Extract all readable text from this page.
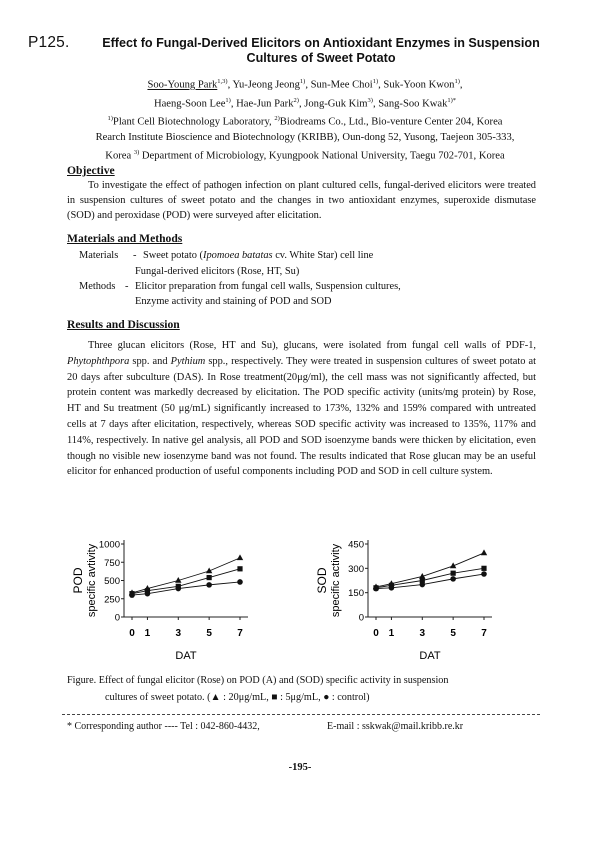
P125.	Effect fo Fungal-Derived Elicitors on Antioxidant Enzymes in Suspension
Cultures of Sweet Potato
Soo-Young Park$^{1,3)}$, Yu-Jeong Jeong$^{1)}$, Sun-Mee Choi$^{1)}$, Suk-Yoon Kwon$^{1)}$,
Haeng-Soon Lee$^{1)}$, Hae-Jun Park$^{2)}$, Jong-Guk Kim$^{3)}$, Sang-Soo Kwak$^{1)*}$
$^{1)}$Plant Cell Biotechnology Laboratory, $^{2)}$Biodreams Co., Ltd., Bio-venture Center 204, Korea
Rearch Institute Bioscience and Biotechnology (KRIBB), Oun-dong 52, Yusong, Taejeon 305-333,
Korea $^{3)}$ Department of Microbiology, Kyungpook National University, Taegu 702-701, Korea
Objective
To investigate the effect of pathogen infection on plant cultured cells, fungal-derived elicitors were treated in suspension cultures of sweet potato and the changes in two antioxidant enzymes, superoxide dismutase (SOD) and peroxidase (POD) were surveyed after elicitation.
Materials and Methods
Materials - Sweet potato (Ipomoea batatas cv. White Star) cell line
Fungal-derived elicitors (Rose, HT, Su)
Methods - Elicitor preparation from fungal cell walls, Suspension cultures,
Enzyme activity and staining of POD and SOD
Results and Discussion
Three glucan elicitors (Rose, HT and Su), glucans, were isolated from fungal cell walls of PDF-1, Phytophthpora spp. and Pythium spp., respectively. They were treated in suspension cultures of sweet potato at 20 days after subculture (DAS). In Rose treatment(20μg/ml), the cell mass was not significantly affected, but protein content was markedly decreased by elicitation. The POD specific activity (units/mg protein) by Rose, HT and Su treatment (50 μg/mL) significantly increased to 173%, 132% and 159% compared with untreated cells at 7 days after elicitation, respectively, whereas SOD specific activity was increased to 135%, 117% and 114%, respectively. In native gel analysis, all POD and SOD isoenzyme bands were thicken by elicitation, even though no visible new iosenzyme band was not found. The results indicated that Rose glucan may be an useful elicitor for enhanced production of useful components including POD and SOD in cell culture system.
1000
750
500
250
0
0 1	3	5	7
DAT
POD specific avtivity	450
300
150
0
0 1	3	5	7
DAT
SOD specific activity
Figure. Effect of fungal elicitor (Rose) on POD (A) and (SOD) specific activity in suspension
cultures of sweet potato. (▲ : 20μg/mL, ■ : 5μg/mL, ● : control)
* Corresponding author ---- Tel : 042-860-4432,	E-mail : sskwak@mail.kribb.re.kr
-195-
